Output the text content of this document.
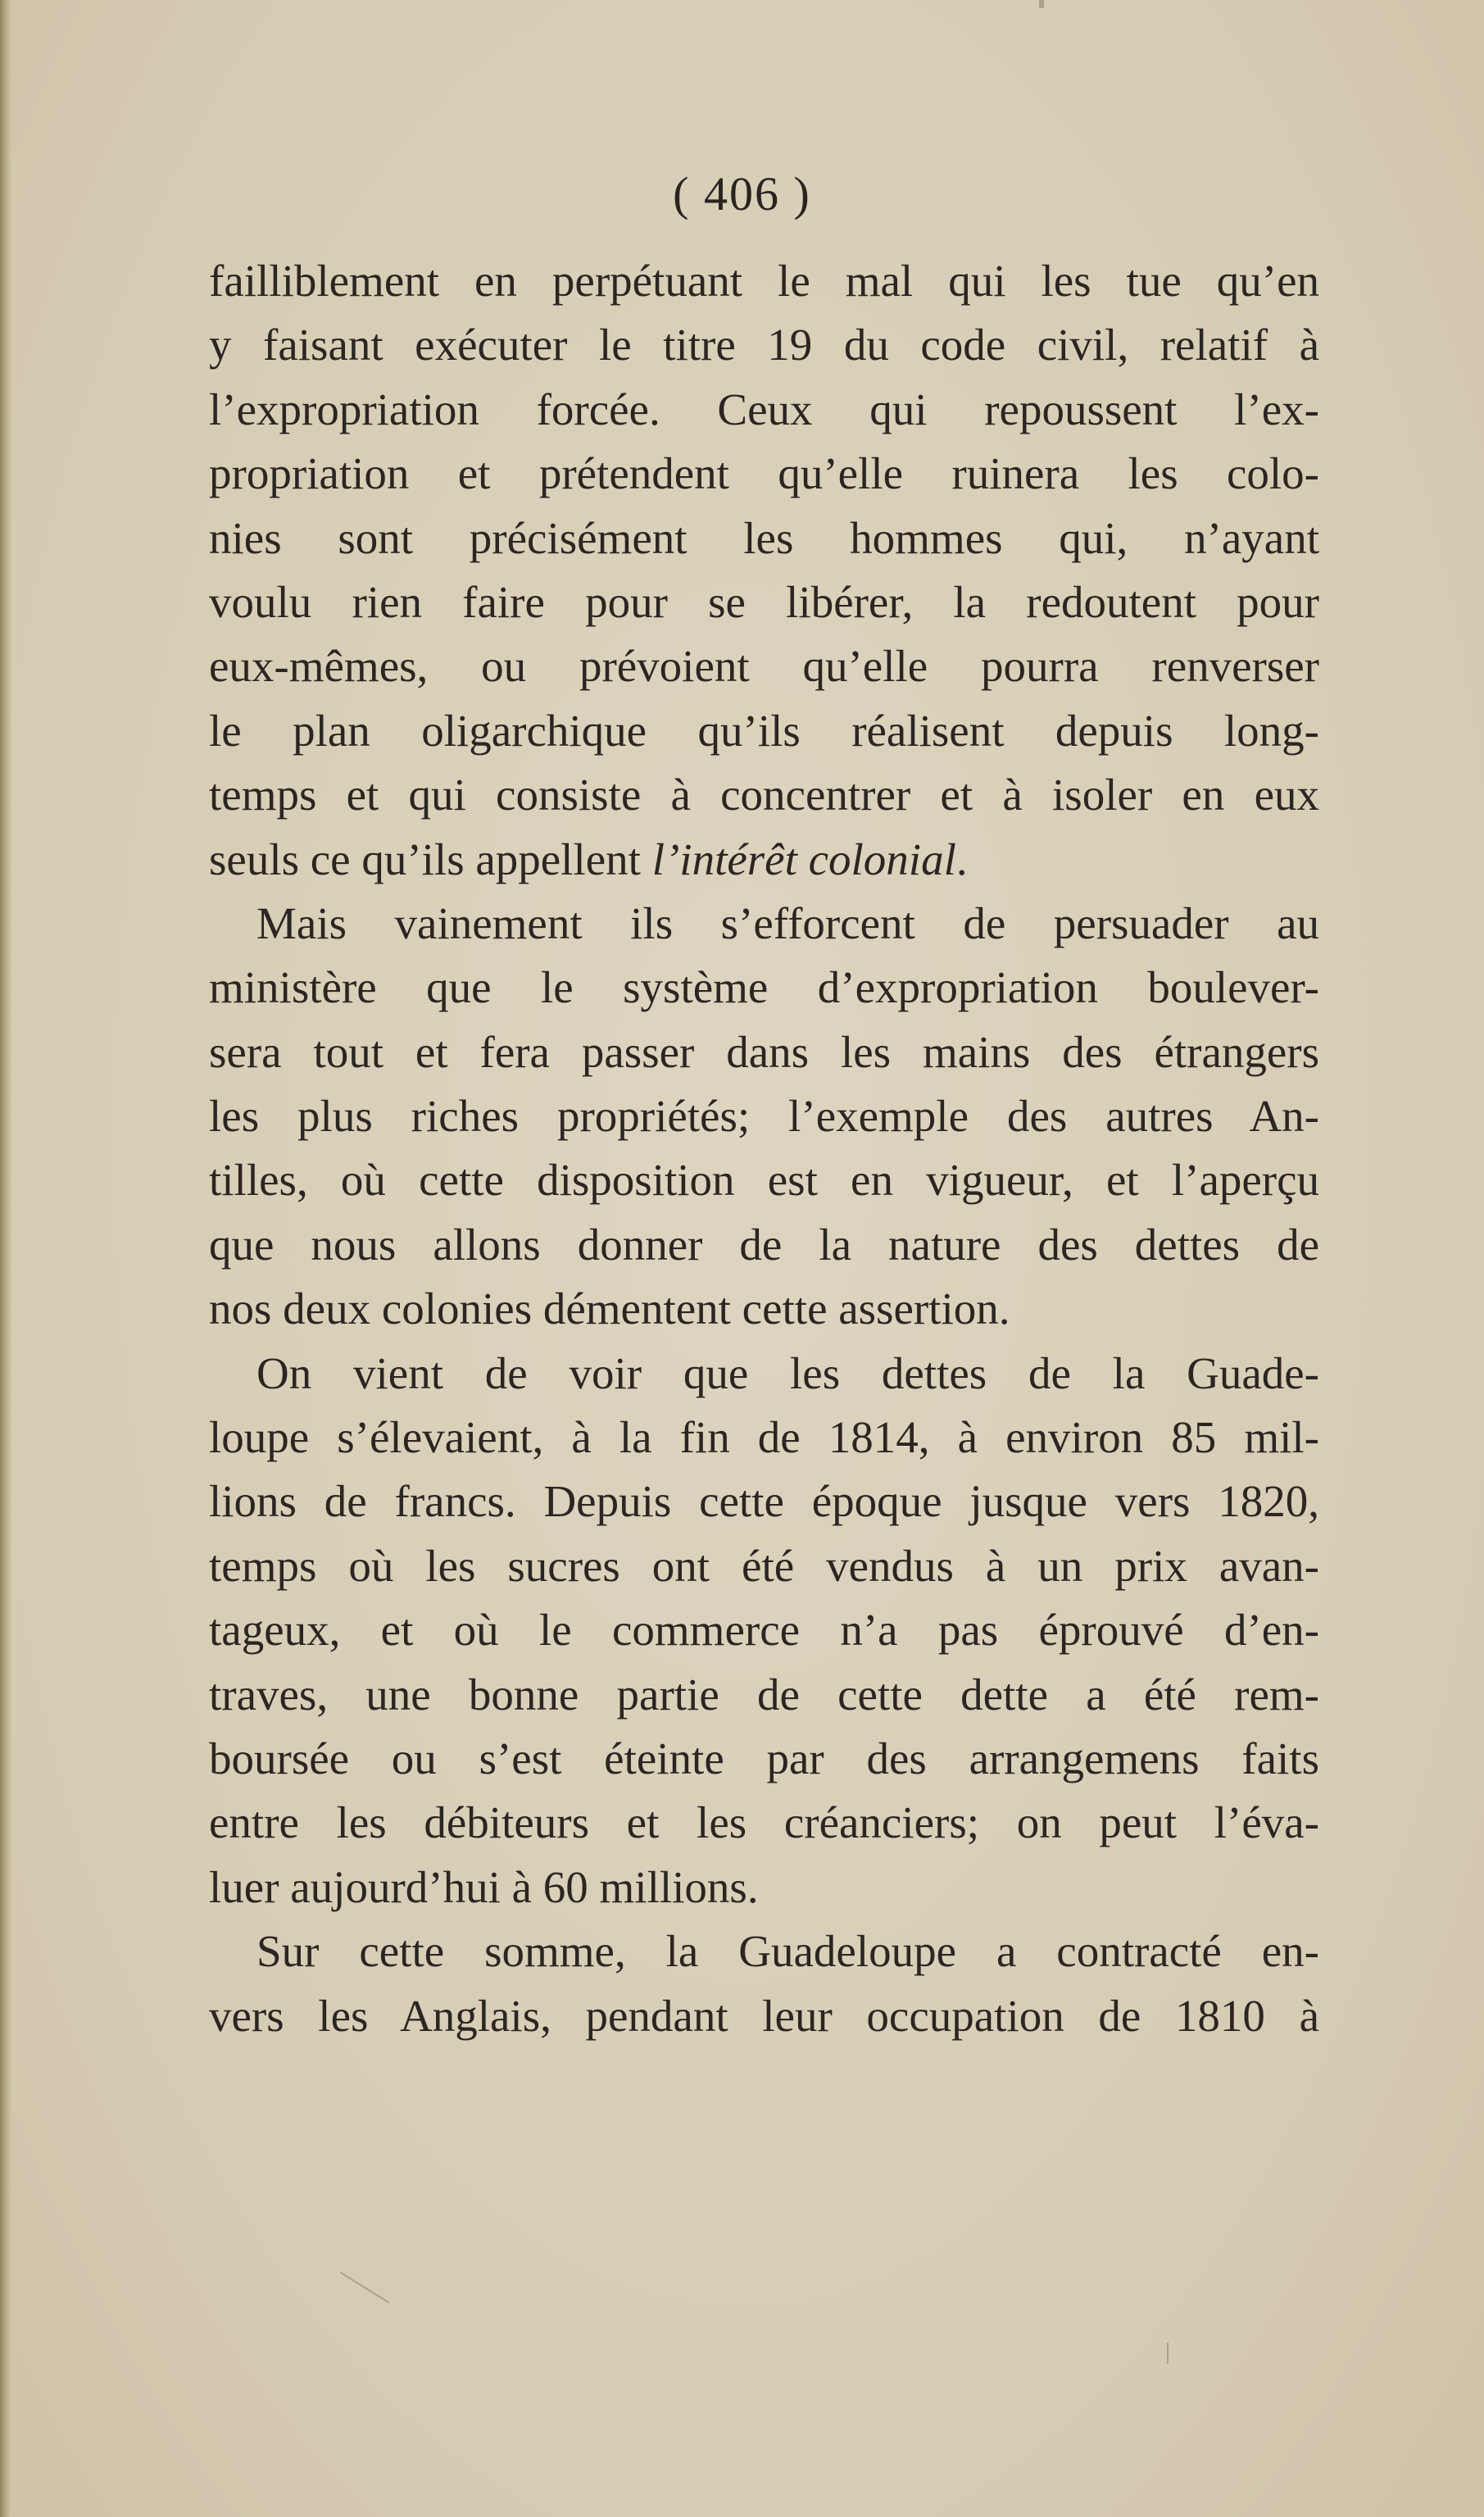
( 406 )

failliblement en perpétuant le mal qui les tue qu’en
y faisant exécuter le titre 19 du code civil, relatif à
l’expropriation forcée. Ceux qui repoussent l’ex-
propriation et prétendent qu’elle ruinera les colo-
nies sont précisément les hommes qui, n’ayant
voulu rien faire pour se libérer, la redoutent pour
eux-mêmes, ou prévoient qu’elle pourra renverser
le plan oligarchique qu’ils réalisent depuis long-
temps et qui consiste à concentrer et à isoler en eux
seuls ce qu’ils appellent l’intérêt colonial.

Mais vainement ils s’efforcent de persuader au
ministère que le système d’expropriation boulever-
sera tout et fera passer dans les mains des étrangers
les plus riches propriétés; l’exemple des autres An-
tilles, où cette disposition est en vigueur, et l’aperçu
que nous allons donner de la nature des dettes de
nos deux colonies démentent cette assertion.

On vient de voir que les dettes de la Guade-
loupe s’élevaient, à la fin de 1814, à environ 85 mil-
lions de francs. Depuis cette époque jusque vers 1820,
temps où les sucres ont été vendus à un prix avan-
tageux, et où le commerce n’a pas éprouvé d’en-
traves, une bonne partie de cette dette a été rem-
boursée ou s’est éteinte par des arrangemens faits
entre les débiteurs et les créanciers; on peut l’éva-
luer aujourd’hui à 60 millions.

Sur cette somme, la Guadeloupe a contracté en-
vers les Anglais, pendant leur occupation de 1810 à
